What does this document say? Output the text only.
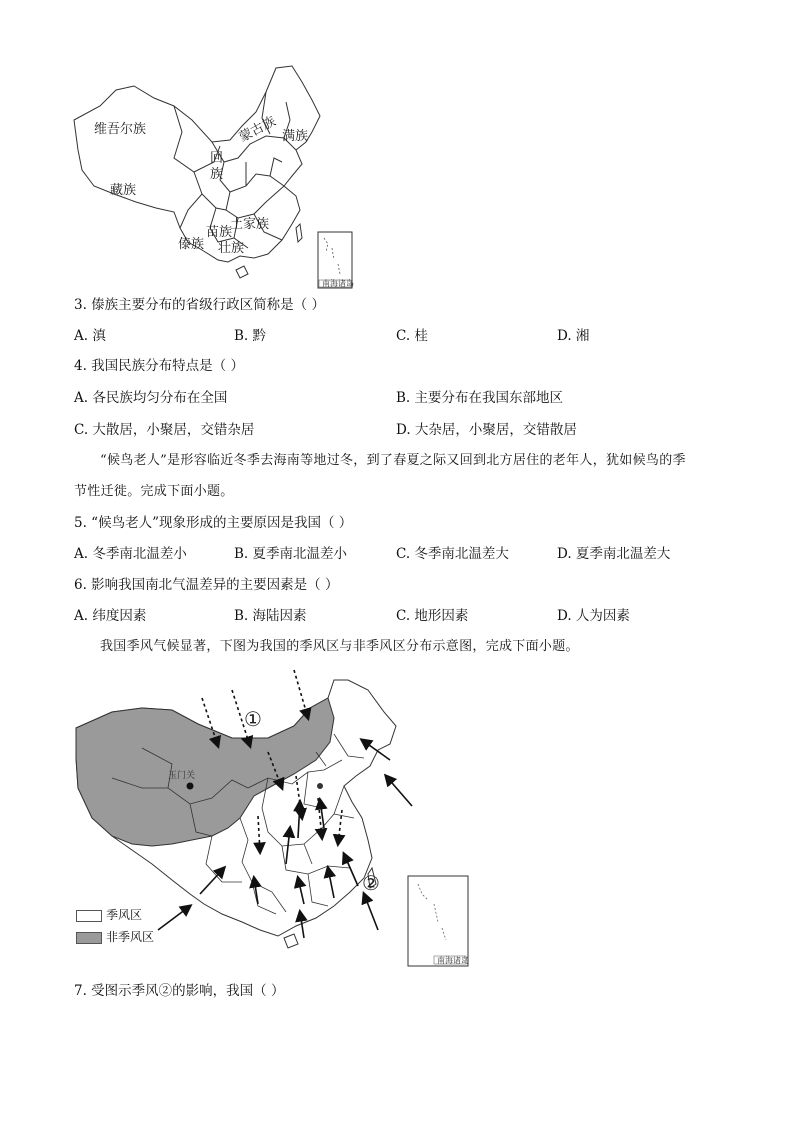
南海诸岛
维吾尔族	蒙古族 满族
回
族
藏族
土家族
苗族
傣族 壮族
3. 傣族主要分布的省级行政区简称是（ ）
A. 滇	B. 黔	C. 桂	D. 湘
4. 我国民族分布特点是（ ）
A. 各民族均匀分布在全国	B. 主要分布在我国东部地区
C. 大散居，小聚居，交错杂居	D. 大杂居，小聚居，交错散居
“候鸟老人”是形容临近冬季去海南等地过冬，到了春夏之际又回到北方居住的老年人，犹如候鸟的季
节性迁徙。完成下面小题。
5. “候鸟老人”现象形成的主要原因是我国（ ）
A. 冬季南北温差小	B. 夏季南北温差小	C. 冬季南北温差大	D. 夏季南北温差大
6. 影响我国南北气温差异的主要因素是（ ）
A. 纬度因素	B. 海陆因素	C. 地形因素	D. 人为因素
我国季风气候显著，下图为我国的季风区与非季风区分布示意图，完成下面小题。
玉门关
①
②
南海诸岛
季风区
非季风区
7. 受图示季风②的影响，我国（ ）
